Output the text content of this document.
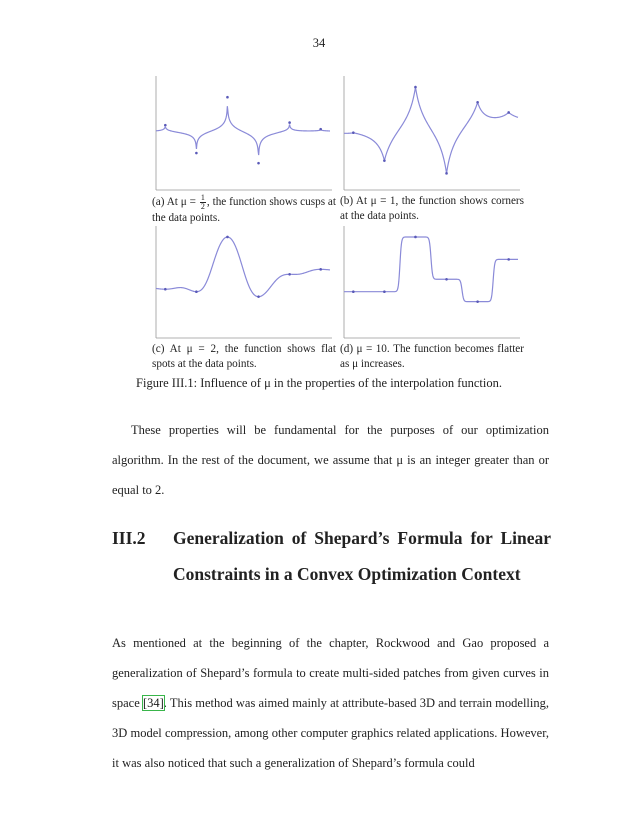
34
(a) At $\mu = \frac{1}{2}$ , the function shows cusps at the data points.
(b) At μ = 1, the function shows corners at the data points.
(c) At μ = 2, the function shows flat spots at the data points.
(d) μ = 10. The function becomes flatter as μ increases.
Figure III.1: Influence of μ in the properties of the interpolation function.

These properties will be fundamental for the purposes of our optimization algorithm. In the rest of the document, we assume that μ is an integer greater than or equal to 2.

III.2 Generalization of Shepard’s Formula for Linear Constraints in a Convex Optimization Context

As mentioned at the beginning of the chapter, Rockwood and Gao proposed a generalization of Shepard’s formula to create multi-sided patches from given curves in space [34]. This method was aimed mainly at attribute-based 3D and terrain modelling, 3D model compression, among other computer graphics related applications. However, it was also noticed that such a generalization of Shepard’s formula could
